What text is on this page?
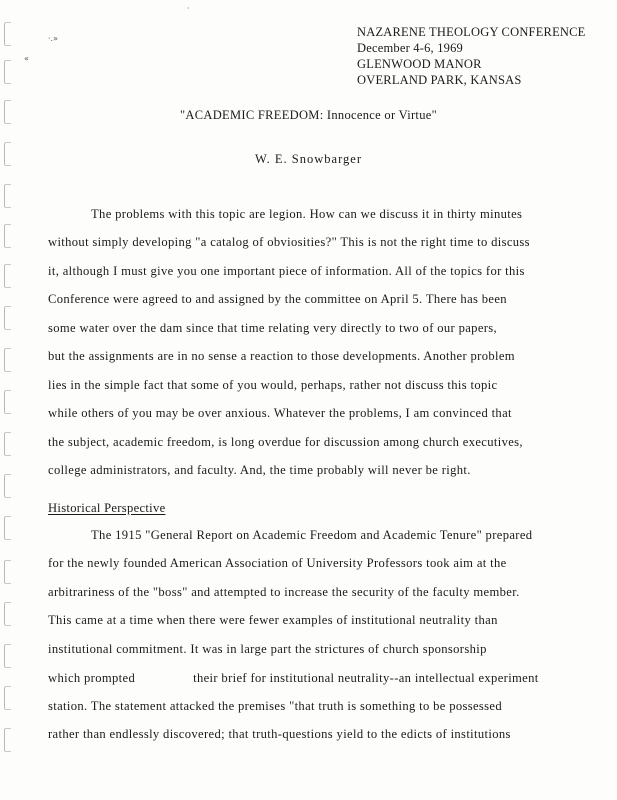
·.»
«
·
NAZARENE THEOLOGY CONFERENCE
December 4-6, 1969
GLENWOOD MANOR
OVERLAND PARK, KANSAS
"ACADEMIC FREEDOM: Innocence or Virtue"
W. E. Snowbarger
The problems with this topic are legion. How can we discuss it in thirty minutes
without simply developing "a catalog of obviosities?" This is not the right time to discuss
it, although I must give you one important piece of information. All of the topics for this
Conference were agreed to and assigned by the committee on April 5. There has been
some water over the dam since that time relating very directly to two of our papers,
but the assignments are in no sense a reaction to those developments. Another problem
lies in the simple fact that some of you would, perhaps, rather not discuss this topic
while others of you may be over anxious. Whatever the problems, I am convinced that
the subject, academic freedom, is long overdue for discussion among church executives,
college administrators, and faculty. And, the time probably will never be right.
Historical Perspective
The 1915 "General Report on Academic Freedom and Academic Tenure" prepared
for the newly founded American Association of University Professors took aim at the
arbitrariness of the "boss" and attempted to increase the security of the faculty member.
This came at a time when there were fewer examples of institutional neutrality than
institutional commitment. It was in large part the strictures of church sponsorship
which prompted	their brief for institutional neutrality--an intellectual experiment
station. The statement attacked the premises "that truth is something to be possessed
rather than endlessly discovered; that truth-questions yield to the edicts of institutions
